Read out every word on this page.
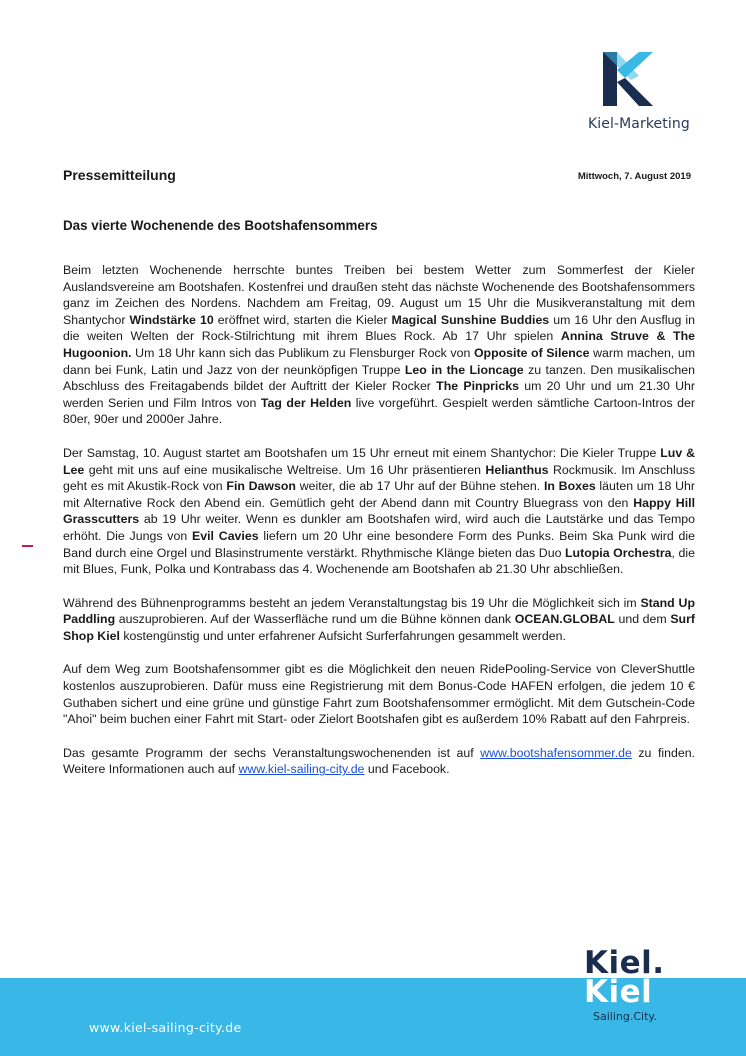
Kiel-Marketing
Pressemitteilung	Mittwoch, 7. August 2019
Das vierte Wochenende des Bootshafensommers

Beim letzten Wochenende herrschte buntes Treiben bei bestem Wetter zum Sommerfest der Kieler Auslandsvereine am Bootshafen. Kostenfrei und draußen steht das nächste Wochenende des Bootshafensommers ganz im Zeichen des Nordens. Nachdem am Freitag, 09. August um 15 Uhr die Musikveranstaltung mit dem Shantychor Windstärke 10 eröffnet wird, starten die Kieler Magical Sunshine Buddies um 16 Uhr den Ausflug in die weiten Welten der Rock-Stilrichtung mit ihrem Blues Rock. Ab 17 Uhr spielen Annina Struve & The Hugoonion. Um 18 Uhr kann sich das Publikum zu Flensburger Rock von Opposite of Silence warm machen, um dann bei Funk, Latin und Jazz von der neunköpfigen Truppe Leo in the Lioncage zu tanzen. Den musikalischen Abschluss des Freitagabends bildet der Auftritt der Kieler Rocker The Pinpricks um 20 Uhr und um 21.30 Uhr werden Serien und Film Intros von Tag der Helden live vorgeführt. Gespielt werden sämtliche Cartoon-Intros der 80er, 90er und 2000er Jahre.

Der Samstag, 10. August startet am Bootshafen um 15 Uhr erneut mit einem Shantychor: Die Kieler Truppe Luv & Lee geht mit uns auf eine musikalische Weltreise. Um 16 Uhr präsentieren Helianthus Rockmusik. Im Anschluss geht es mit Akustik-Rock von Fin Dawson weiter, die ab 17 Uhr auf der Bühne stehen. In Boxes läuten um 18 Uhr mit Alternative Rock den Abend ein. Gemütlich geht der Abend dann mit Country Bluegrass von den Happy Hill Grasscutters ab 19 Uhr weiter. Wenn es dunkler am Bootshafen wird, wird auch die Lautstärke und das Tempo erhöht. Die Jungs von Evil Cavies liefern um 20 Uhr eine besondere Form des Punks. Beim Ska Punk wird die Band durch eine Orgel und Blasinstrumente verstärkt. Rhythmische Klänge bieten das Duo Lutopia Orchestra, die mit Blues, Funk, Polka und Kontrabass das 4. Wochenende am Bootshafen ab 21.30 Uhr abschließen.

Während des Bühnenprogramms besteht an jedem Veranstaltungstag bis 19 Uhr die Möglichkeit sich im Stand Up Paddling auszuprobieren. Auf der Wasserfläche rund um die Bühne können dank OCEAN.GLOBAL und dem Surf Shop Kiel kostengünstig und unter erfahrener Aufsicht Surferfahrungen gesammelt werden.

Auf dem Weg zum Bootshafensommer gibt es die Möglichkeit den neuen RidePooling-Service von CleverShuttle kostenlos auszuprobieren. Dafür muss eine Registrierung mit dem Bonus-Code HAFEN erfolgen, die jedem 10 € Guthaben sichert und eine grüne und günstige Fahrt zum Bootshafensommer ermöglicht. Mit dem Gutschein-Code "Ahoi" beim buchen einer Fahrt mit Start- oder Zielort Bootshafen gibt es außerdem 10% Rabatt auf den Fahrpreis.

Das gesamte Programm der sechs Veranstaltungswochenenden ist auf www.bootshafensommer.de zu finden. Weitere Informationen auch auf www.kiel-sailing-city.de und Facebook.

www.kiel-sailing-city.de
Kiel.
Kiel
Sailing.City.
